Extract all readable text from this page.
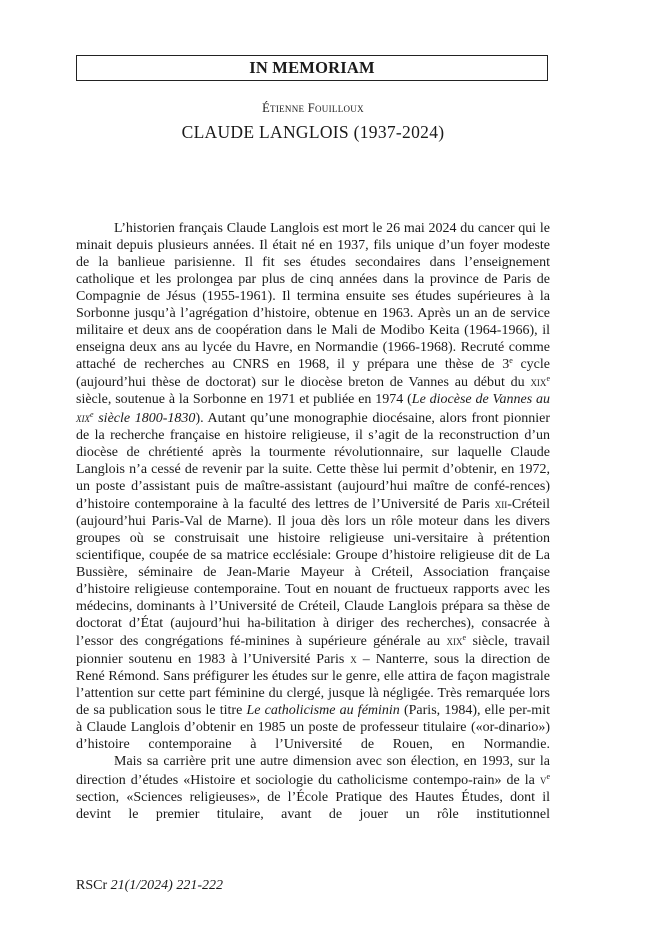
IN MEMORIAM
Étienne Fouilloux
CLAUDE LANGLOIS (1937-2024)

L’historien français Claude Langlois est mort le 26 mai 2024 du cancer qui le minait depuis plusieurs années. Il était né en 1937, fils unique d’un foyer modeste de la banlieue parisienne. Il fit ses études secondaires dans l’enseignement catholique et les prolongea par plus de cinq années dans la province de Paris de Compagnie de Jésus (1955-1961). Il termina ensuite ses études supérieures à la Sorbonne jusqu’à l’agrégation d’histoire, obtenue en 1963. Après un an de service militaire et deux ans de coopération dans le Mali de Modibo Keita (1964-1966), il enseigna deux ans au lycée du Havre, en Normandie (1966-1968). Recruté comme attaché de recherches au CNRS en 1968, il y prépara une thèse de 3e cycle (aujourd’hui thèse de doctorat) sur le diocèse breton de Vannes au début du xix$^e$ siècle, soutenue à la Sorbonne en 1971 et publiée en 1974 (Le diocèse de Vannes au xix$^e$ siècle 1800-1830). Autant qu’une monographie diocésaine, alors front pionnier de la recherche française en histoire religieuse, il s’agit de la reconstruction d’un diocèse de chrétienté après la tourmente révolutionnaire, sur laquelle Claude Langlois n’a cessé de revenir par la suite. Cette thèse lui permit d’obtenir, en 1972, un poste d’assistant puis de maître-assistant (aujourd’hui maître de confé-rences) d’histoire contemporaine à la faculté des lettres de l’Université de Paris xii-Créteil (aujourd’hui Paris-Val de Marne). Il joua dès lors un rôle moteur dans les divers groupes où se construisait une histoire religieuse uni-versitaire à prétention scientifique, coupée de sa matrice ecclésiale: Groupe d’histoire religieuse dit de La Bussière, séminaire de Jean-Marie Mayeur à Créteil, Association française d’histoire religieuse contemporaine. Tout en nouant de fructueux rapports avec les médecins, dominants à l’Université de Créteil, Claude Langlois prépara sa thèse de doctorat d’État (aujourd’hui ha-bilitation à diriger des recherches), consacrée à l’essor des congrégations fé-minines à supérieure générale au xix$^e$ siècle, travail pionnier soutenu en 1983 à l’Université Paris x – Nanterre, sous la direction de René Rémond. Sans préfigurer les études sur le genre, elle attira de façon magistrale l’attention sur cette part féminine du clergé, jusque là négligée. Très remarquée lors de sa publication sous le titre Le catholicisme au féminin (Paris, 1984), elle per-mit à Claude Langlois d’obtenir en 1985 un poste de professeur titulaire («or-dinario») d’histoire contemporaine à l’Université de Rouen, en Normandie.

Mais sa carrière prit une autre dimension avec son élection, en 1993, sur la direction d’études «Histoire et sociologie du catholicisme contempo-rain» de la $v^e$ section, «Sciences religieuses», de l’École Pratique des Hautes Études, dont il devint le premier titulaire, avant de jouer un rôle institutionnel

RSCr 21(1/2024) 221-222
